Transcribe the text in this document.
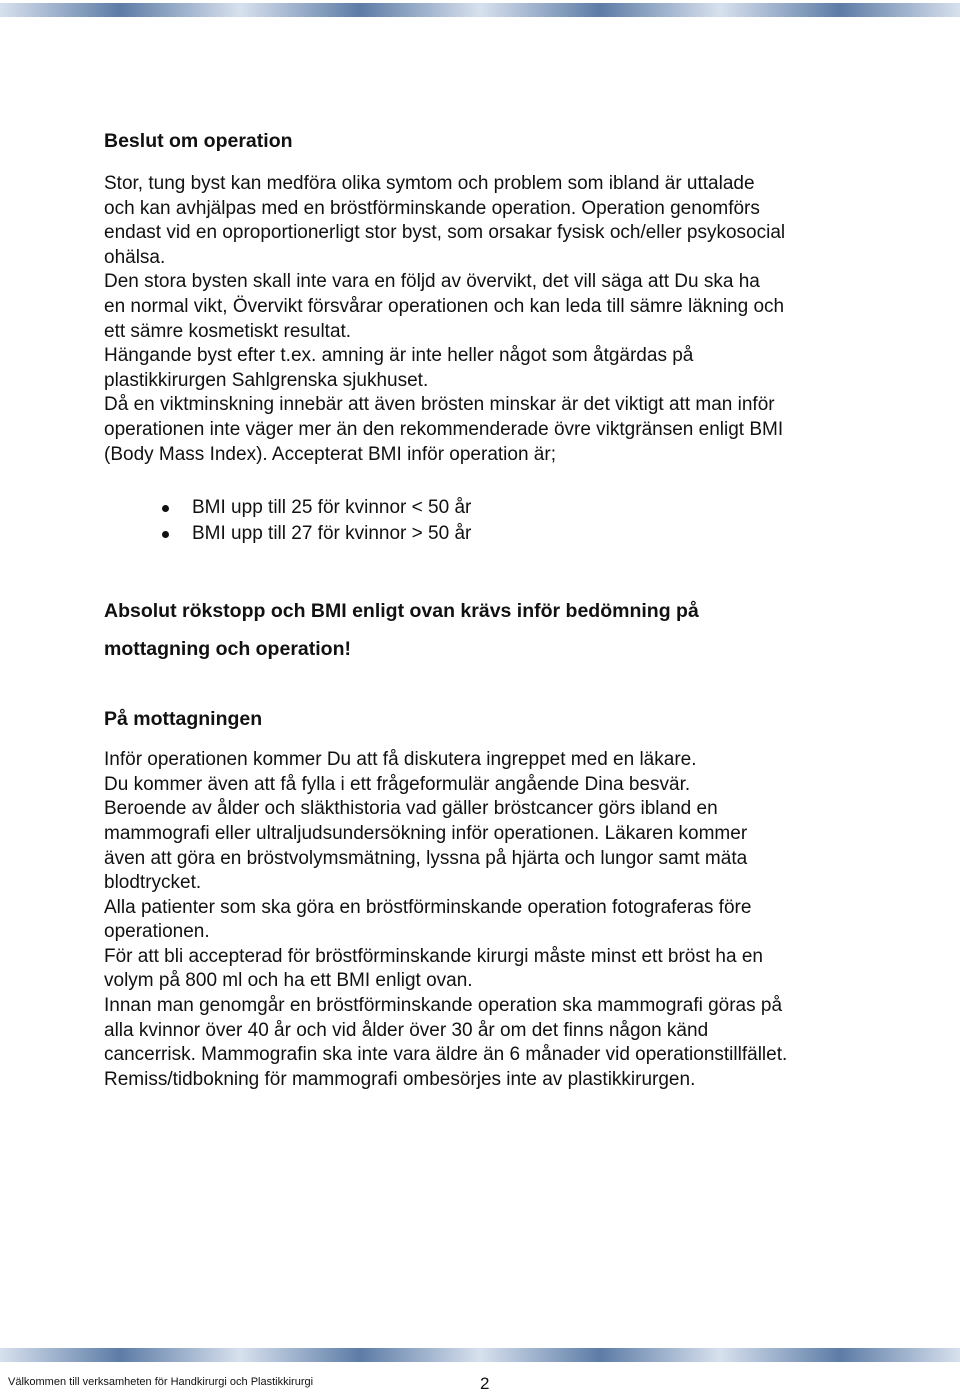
Beslut om operation

Stor, tung byst kan medföra olika symtom och problem som ibland är uttalade
och kan avhjälpas med en bröstförminskande operation. Operation genomförs
endast vid en oproportionerligt stor byst, som orsakar fysisk och/eller psykosocial
ohälsa.
Den stora bysten skall inte vara en följd av övervikt, det vill säga att Du ska ha
en normal vikt, Övervikt försvårar operationen och kan leda till sämre läkning och
ett sämre kosmetiskt resultat.
Hängande byst efter t.ex. amning är inte heller något som åtgärdas på
plastikkirurgen Sahlgrenska sjukhuset.
Då en viktminskning innebär att även brösten minskar är det viktigt att man inför
operationen inte väger mer än den rekommenderade övre viktgränsen enligt BMI
(Body Mass Index). Accepterat BMI inför operation är;

BMI upp till 25 för kvinnor < 50 år
BMI upp till 27 för kvinnor > 50 år

Absolut rökstopp och BMI enligt ovan krävs inför bedömning på
mottagning och operation!

På mottagningen

Inför operationen kommer Du att få diskutera ingreppet med en läkare.
Du kommer även att få fylla i ett frågeformulär angående Dina besvär.
Beroende av ålder och släkthistoria vad gäller bröstcancer görs ibland en
mammografi eller ultraljudsundersökning inför operationen. Läkaren kommer
även att göra en bröstvolymsmätning, lyssna på hjärta och lungor samt mäta
blodtrycket.
Alla patienter som ska göra en bröstförminskande operation fotograferas före
operationen.
För att bli accepterad för bröstförminskande kirurgi måste minst ett bröst ha en
volym på 800 ml och ha ett BMI enligt ovan.
Innan man genomgår en bröstförminskande operation ska mammografi göras på
alla kvinnor över 40 år och vid ålder över 30 år om det finns någon känd
cancerrisk. Mammografin ska inte vara äldre än 6 månader vid operationstillfället.
Remiss/tidbokning för mammografi ombesörjes inte av plastikkirurgen.

Välkommen till verksamheten för Handkirurgi och Plastikkirurgi	2
